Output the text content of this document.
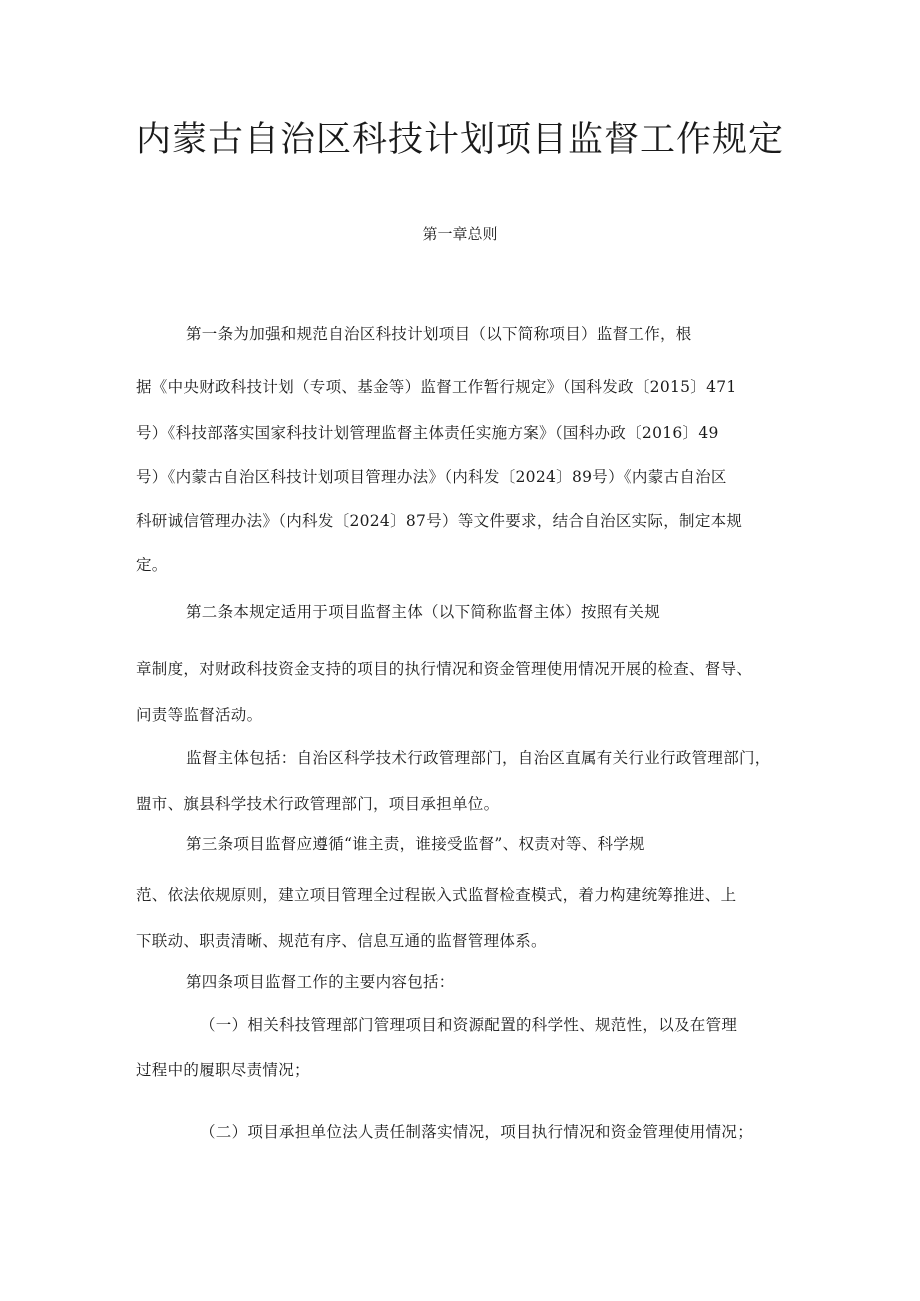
内蒙古自治区科技计划项目监督工作规定
第一章总则
第一条为加强和规范自治区科技计划项目（以下简称项目）监督工作，根
据《中央财政科技计划（专项、基金等）监督工作暂行规定》（国科发政〔2015〕471
号）《科技部落实国家科技计划管理监督主体责任实施方案》（国科办政〔2016〕49
号）《内蒙古自治区科技计划项目管理办法》（内科发〔2024〕89号）《内蒙古自治区
科研诚信管理办法》（内科发〔2024〕87号）等文件要求，结合自治区实际，制定本规
定。
第二条本规定适用于项目监督主体（以下简称监督主体）按照有关规
章制度，对财政科技资金支持的项目的执行情况和资金管理使用情况开展的检查、督导、
问责等监督活动。
监督主体包括：自治区科学技术行政管理部门，自治区直属有关行业行政管理部门，
盟市、旗县科学技术行政管理部门，项目承担单位。
第三条项目监督应遵循“谁主责，谁接受监督”、权责对等、科学规
范、依法依规原则，建立项目管理全过程嵌入式监督检查模式，着力构建统筹推进、上
下联动、职责清晰、规范有序、信息互通的监督管理体系。
第四条项目监督工作的主要内容包括：
（一）相关科技管理部门管理项目和资源配置的科学性、规范性，以及在管理
过程中的履职尽责情况；
（二）项目承担单位法人责任制落实情况，项目执行情况和资金管理使用情况；
